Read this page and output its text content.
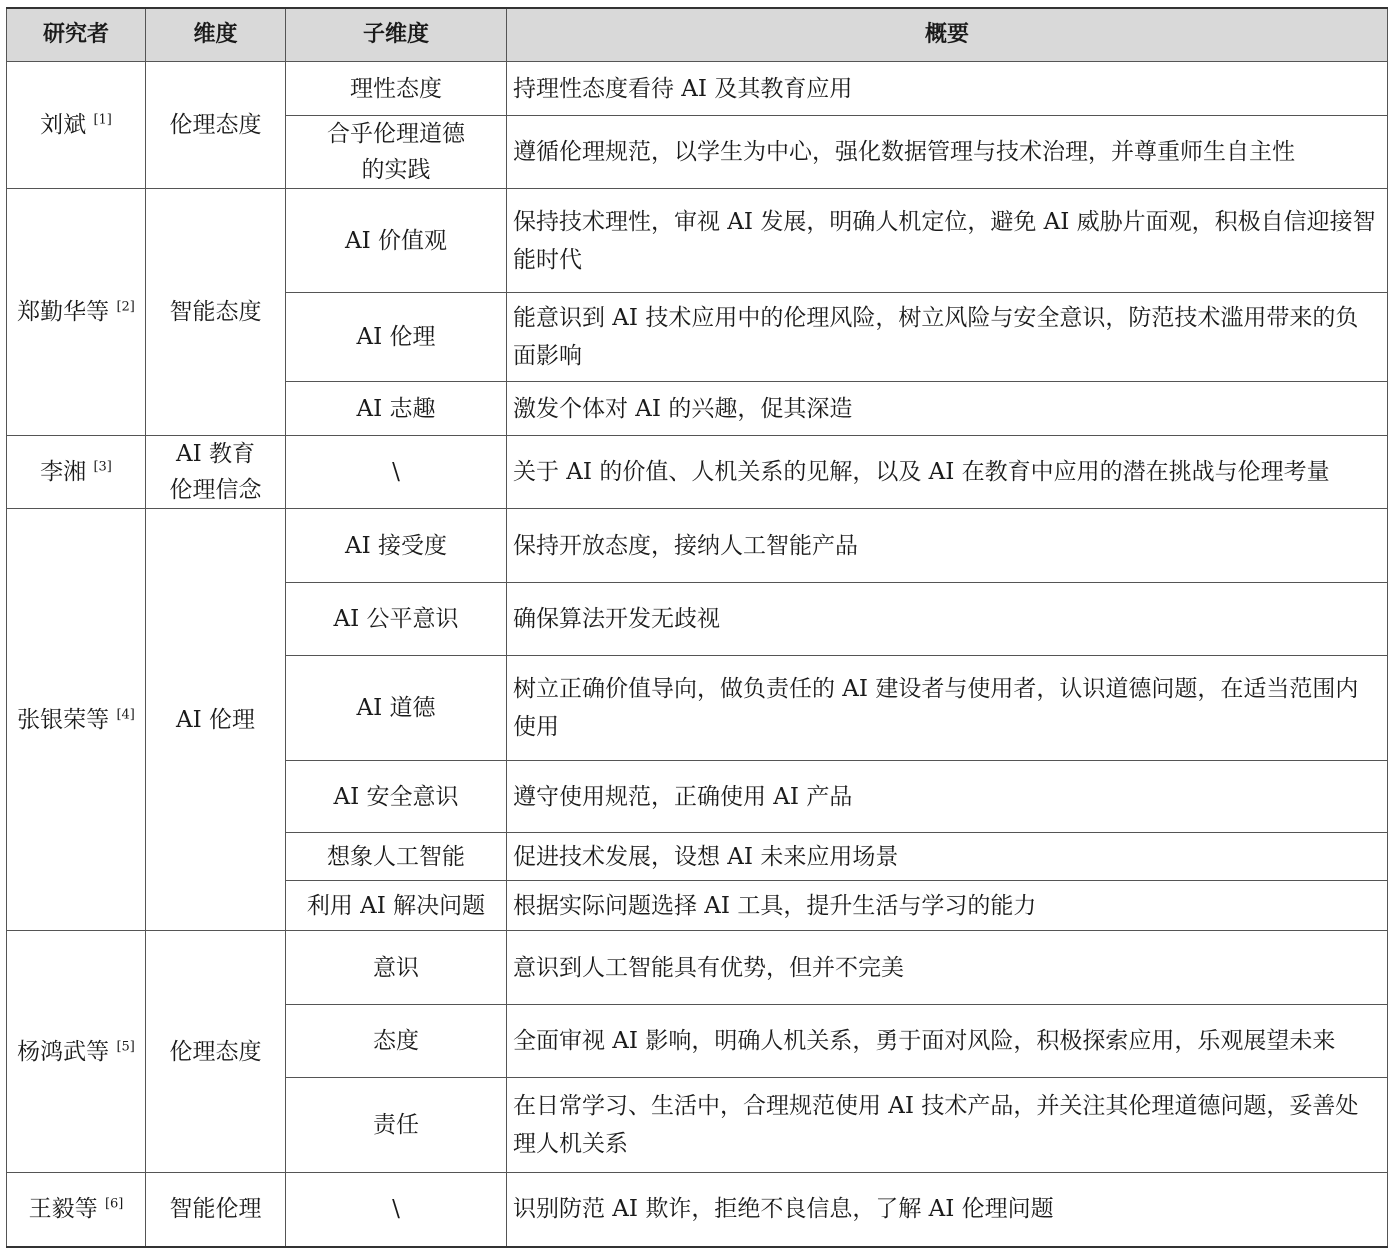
研究者	维度	子维度	概要
刘斌 [1]	伦理态度	理性态度	持理性态度看待 AI 及其教育应用
		合乎伦理道德的实践	遵循伦理规范，以学生为中心，强化数据管理与技术治理，并尊重师生自主性
郑勤华等 [2]	智能态度	AI 价值观	保持技术理性，审视 AI 发展，明确人机定位，避免 AI 威胁片面观，积极自信迎接智能时代
		AI 伦理	能意识到 AI 技术应用中的伦理风险，树立风险与安全意识，防范技术滥用带来的负面影响
		AI 志趣	激发个体对 AI 的兴趣，促其深造
李湘 [3]	AI 教育伦理信念	\	关于 AI 的价值、人机关系的见解，以及 AI 在教育中应用的潜在挑战与伦理考量
张银荣等 [4]	AI 伦理	AI 接受度	保持开放态度，接纳人工智能产品
		AI 公平意识	确保算法开发无歧视
		AI 道德	树立正确价值导向，做负责任的 AI 建设者与使用者，认识道德问题，在适当范围内使用
		AI 安全意识	遵守使用规范，正确使用 AI 产品
		想象人工智能	促进技术发展，设想 AI 未来应用场景
		利用 AI 解决问题	根据实际问题选择 AI 工具，提升生活与学习的能力
杨鸿武等 [5]	伦理态度	意识	意识到人工智能具有优势，但并不完美
		态度	全面审视 AI 影响，明确人机关系，勇于面对风险，积极探索应用，乐观展望未来
		责任	在日常学习、生活中，合理规范使用 AI 技术产品，并关注其伦理道德问题，妥善处理人机关系
王毅等 [6]	智能伦理	\	识别防范 AI 欺诈，拒绝不良信息，了解 AI 伦理问题
